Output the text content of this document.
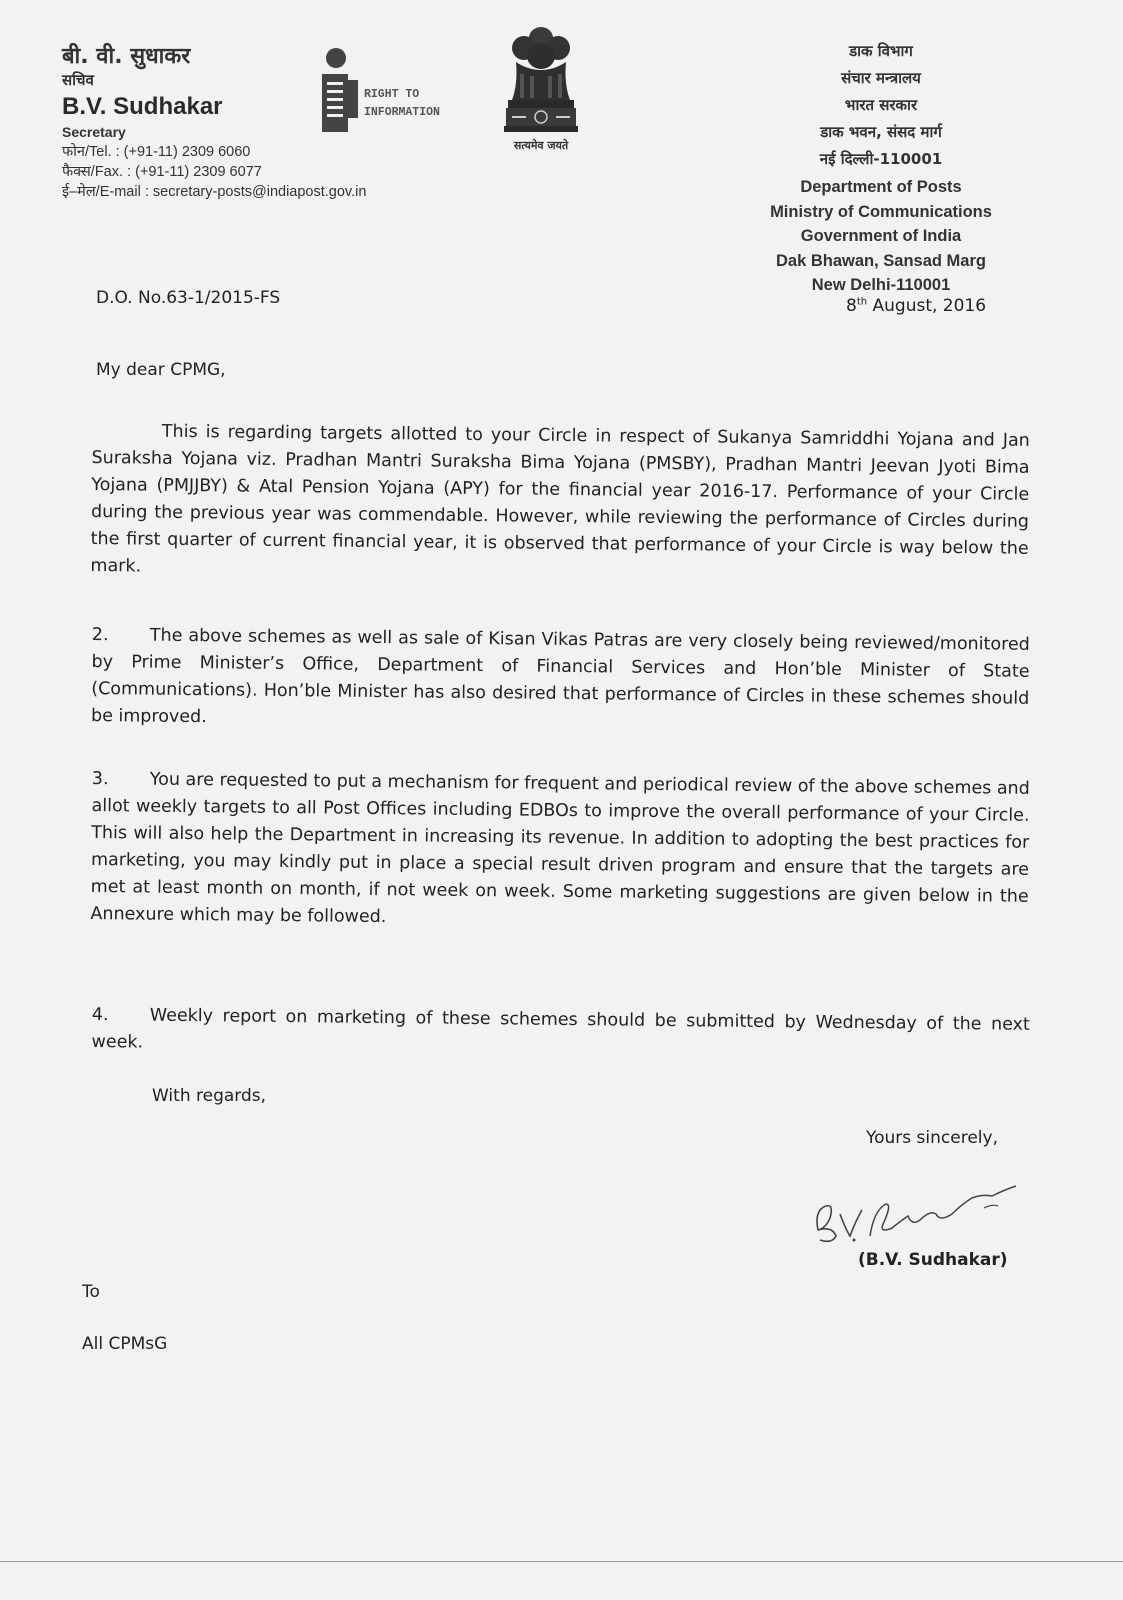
बी. वी. सुधाकर
सचिव
B.V. Sudhakar
Secretary
फोन/Tel. : (+91-11) 2309 6060
फैक्स/Fax. : (+91-11) 2309 6077
ई–मेल/E-mail : secretary-posts@indiapost.gov.in
RIGHT TO
INFORMATION
सत्यमेव जयते
डाक विभाग
संचार मन्त्रालय
भारत सरकार
डाक भवन, संसद मार्ग
नई दिल्ली-110001
Department of Posts
Ministry of Communications
Government of India
Dak Bhawan, Sansad Marg
New Delhi-110001
D.O. No.63-1/2015-FS	8th August, 2016
My dear CPMG,
This is regarding targets allotted to your Circle in respect of Sukanya Samriddhi Yojana and Jan Suraksha Yojana viz. Pradhan Mantri Suraksha Bima Yojana (PMSBY), Pradhan Mantri Jeevan Jyoti Bima Yojana (PMJJBY) & Atal Pension Yojana (APY) for the financial year 2016-17. Performance of your Circle during the previous year was commendable. However, while reviewing the performance of Circles during the first quarter of current financial year, it is observed that performance of your Circle is way below the mark.
2. The above schemes as well as sale of Kisan Vikas Patras are very closely being reviewed/monitored by Prime Minister’s Office, Department of Financial Services and Hon’ble Minister of State (Communications). Hon’ble Minister has also desired that performance of Circles in these schemes should be improved.
3. You are requested to put a mechanism for frequent and periodical review of the above schemes and allot weekly targets to all Post Offices including EDBOs to improve the overall performance of your Circle. This will also help the Department in increasing its revenue. In addition to adopting the best practices for marketing, you may kindly put in place a special result driven program and ensure that the targets are met at least month on month, if not week on week. Some marketing suggestions are given below in the Annexure which may be followed.
4. Weekly report on marketing of these schemes should be submitted by Wednesday of the next week.
With regards,
Yours sincerely,
(B.V. Sudhakar)
To
All CPMsG
